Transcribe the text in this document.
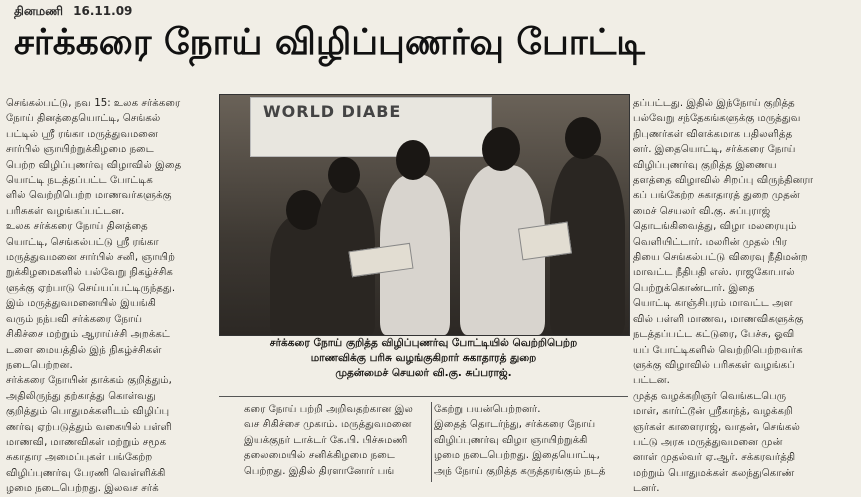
தினமணி 16.11.09
சர்க்கரை நோய் விழிப்புணர்வு போட்டி
செங்கல்பட்டு, நவ 15: உலக சர்க்கரை
நோய் தினத்தையொட்டி, செங்கல்
பட்டில் ஸ்ரீ ரங்கா மருத்துவமனை
சார்பில் ஞாயிற்றுக்கிழமை நடை
பெற்ற விழிப்புணர்வு விழாவில் இதை
யொட்டி நடத்தப்பட்ட போட்டிக
ளில் வெற்றிபெற்ற மாணவர்களுக்கு
பரிசுகள் வழங்கப்பட்டன.
உலக சர்க்கரை நோய் தினத்தை
யொட்டி, செங்கல்பட்டு ஸ்ரீ ரங்கா
மருத்துவமனை சார்பில் சனி, ஞாயிற்
றுக்கிழமைகளில் பல்வேறு நிகழ்ச்சிக
ளுக்கு ஏற்பாடு செய்யப்பட்டிருந்தது.
இம் மருத்துவமனையில் இயங்கி
வரும் நந்பவி சர்க்கரை நோய்
சிகிச்சை மற்றும் ஆராய்ச்சி அறக்கட்
டளை மையத்தில் இந் நிகழ்ச்சிகள்
நடைபெற்றன.
சர்க்கரை நோயின் தாக்கம் குறித்தும்,
அதிலிருந்து தற்காத்து கொள்வது
குறித்தும் பொதுமக்களிடம் விழிப்பு
ணர்வு ஏற்படுத்தும் வகையில் பள்ளி
மாணவி, மாணவிகள் மற்றும் சமூக
சுகாதார அமைப்புகள் பங்கேற்ற
விழிப்புணர்வு பேரணி வெள்ளிக்கி
ழமை நடைபெற்றது. இலவச சர்க்
WORLD DIABE
சர்க்கரை நோய் குறித்த விழிப்புணர்வு போட்டியில் வெற்றிபெற்ற
மாணவிக்கு பரிசு வழங்குகிறார் சுகாதாரத் துறை
முதன்மைச் செயலர் வி.கு. சுப்பராஜ்.
கரை நோய் பற்றி அறிவதற்கான இல
வச சிகிச்சை முகாம். மருத்துவமனை
இயக்குநர் டாக்டர் கே.பி. பிச்சுமணி
தலைமையில் சனிக்கிழமை நடை
பெற்றது. இதில் திரளானோர் பங்
கேற்று பயன்பெற்றனர்.
இதைத் தொடர்ந்து, சர்க்கரை நோய்
விழிப்புணர்வு விழா ஞாயிற்றுக்கி
ழமை நடைபெற்றது. இதையொட்டி,
அந் நோய் குறித்த கருத்தரங்கும் நடத்
தப்பட்டது. இதில் இந்நோய் குறித்த
பல்வேறு சந்தேகங்களுக்கு மருத்துவ
நிபுணர்கள் விளக்கமாக பதிலளித்த
னர். இதையொட்டி, சர்க்கரை நோய்
விழிப்புணர்வு குறித்த இணைய
தளத்தை விழாவில் சிறப்பு விருந்தினரா
கப் பங்கேற்ற சுகாதாரத் துறை முதன்
மைச் செயலர் வி.கு. சுப்புராஜ்
தொடங்கிவைத்து, விழா மலரையும்
வெளியிட்டார். மலரின் முதல் பிர
தியை செங்கல்பட்டு விரைவு நீதிமன்ற
மாவட்ட நீதிபதி எஸ். ராஜகோபால்
பெற்றுக்கொண்டார். இதை
யொட்டி காஞ்சிபுரம் மாவட்ட அள
வில் பள்ளி மாணவ, மாணவிகளுக்கு
நடத்தப்பட்ட கட்டுரை, பேச்சு, ஓவி
யப் போட்டிகளில் வெற்றிபெற்றவர்க
ளுக்கு விழாவில் பரிசுகள் வழங்கப்
பட்டன.
முத்த வழக்கறிஞர் வெங்கடபெரு
மாள், கார்ட்டூன் ஸ்ரீகாந்த், வழக்கறி
ஞர்கள் காளைராஜ், வாதன், செங்கல்
பட்டு அரசு மருத்துவமனை முன்
னாள் முதல்வர் ஏ.ஆர். சக்கரவர்த்தி
மற்றும் பொதுமக்கள் கலந்துகொண்
டனர்.
